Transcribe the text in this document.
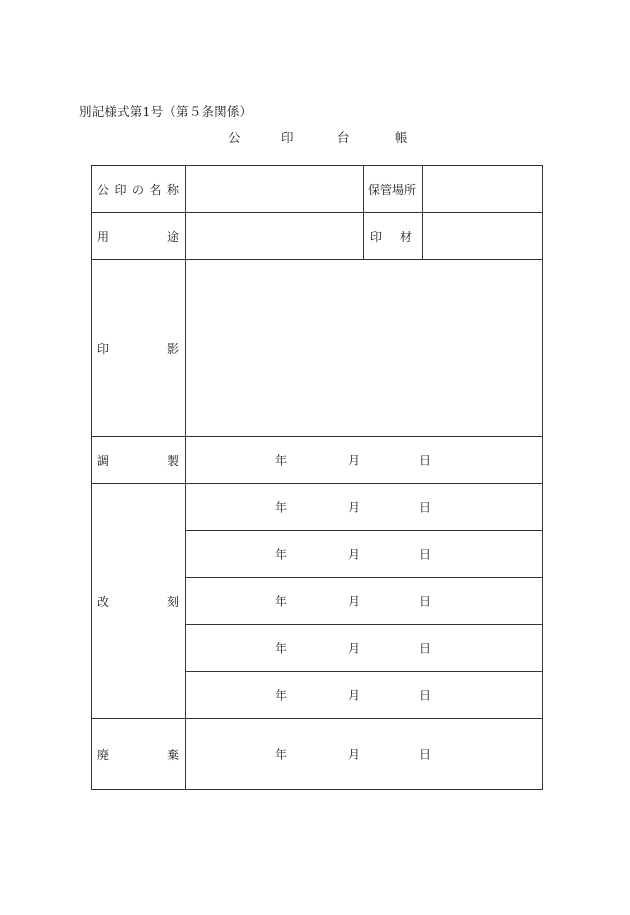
別記様式第1号（第５条関係）
公	印	台	帳
公 印 の 名 称		保管場所	

用 途		印 材	

印 影			

調 製	年 月 日		

改 刻	年 月 日		

	年 月 日		

	年 月 日		

	年 月 日		

	年 月 日		

廃 棄	年 月 日		
